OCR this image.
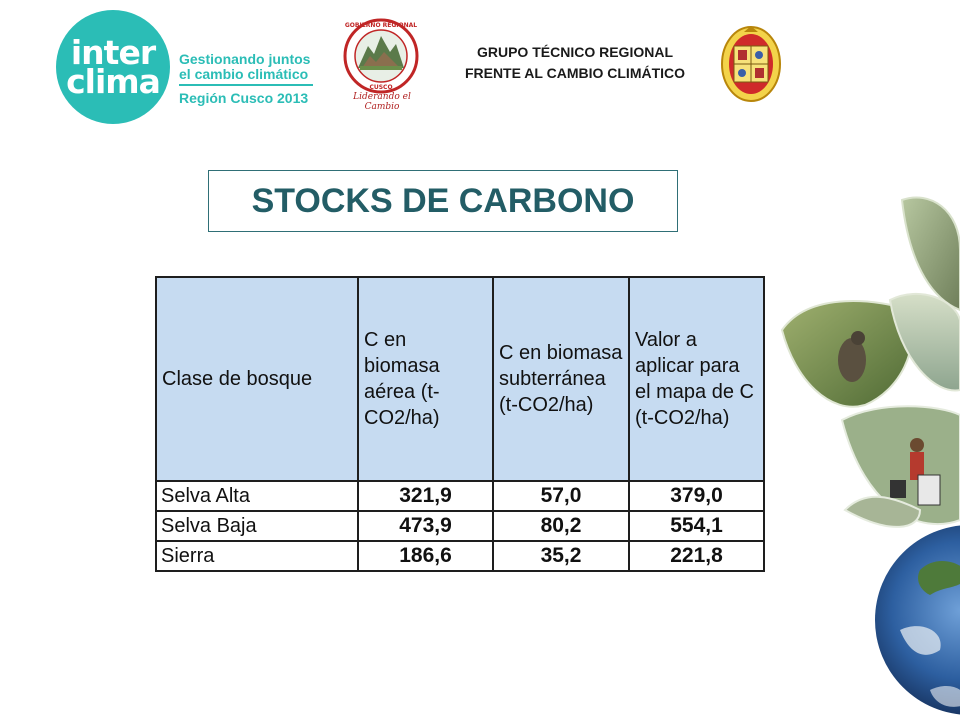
inter
clima
Gestionando juntos
el cambio climático
Región Cusco 2013
GOBIERNO REGIONAL
CUSCO
Liderando el Cambio
GRUPO TÉCNICO REGIONAL
FRENTE AL CAMBIO CLIMÁTICO
STOCKS DE CARBONO
Clase de bosque	C en biomasa aérea (t-CO2/ha)	C en biomasa subterránea (t-CO2/ha)	Valor a aplicar para el mapa de C (t-CO2/ha)
Selva Alta	321,9	57,0	379,0
Selva Baja	473,9	80,2	554,1
Sierra	186,6	35,2	221,8
